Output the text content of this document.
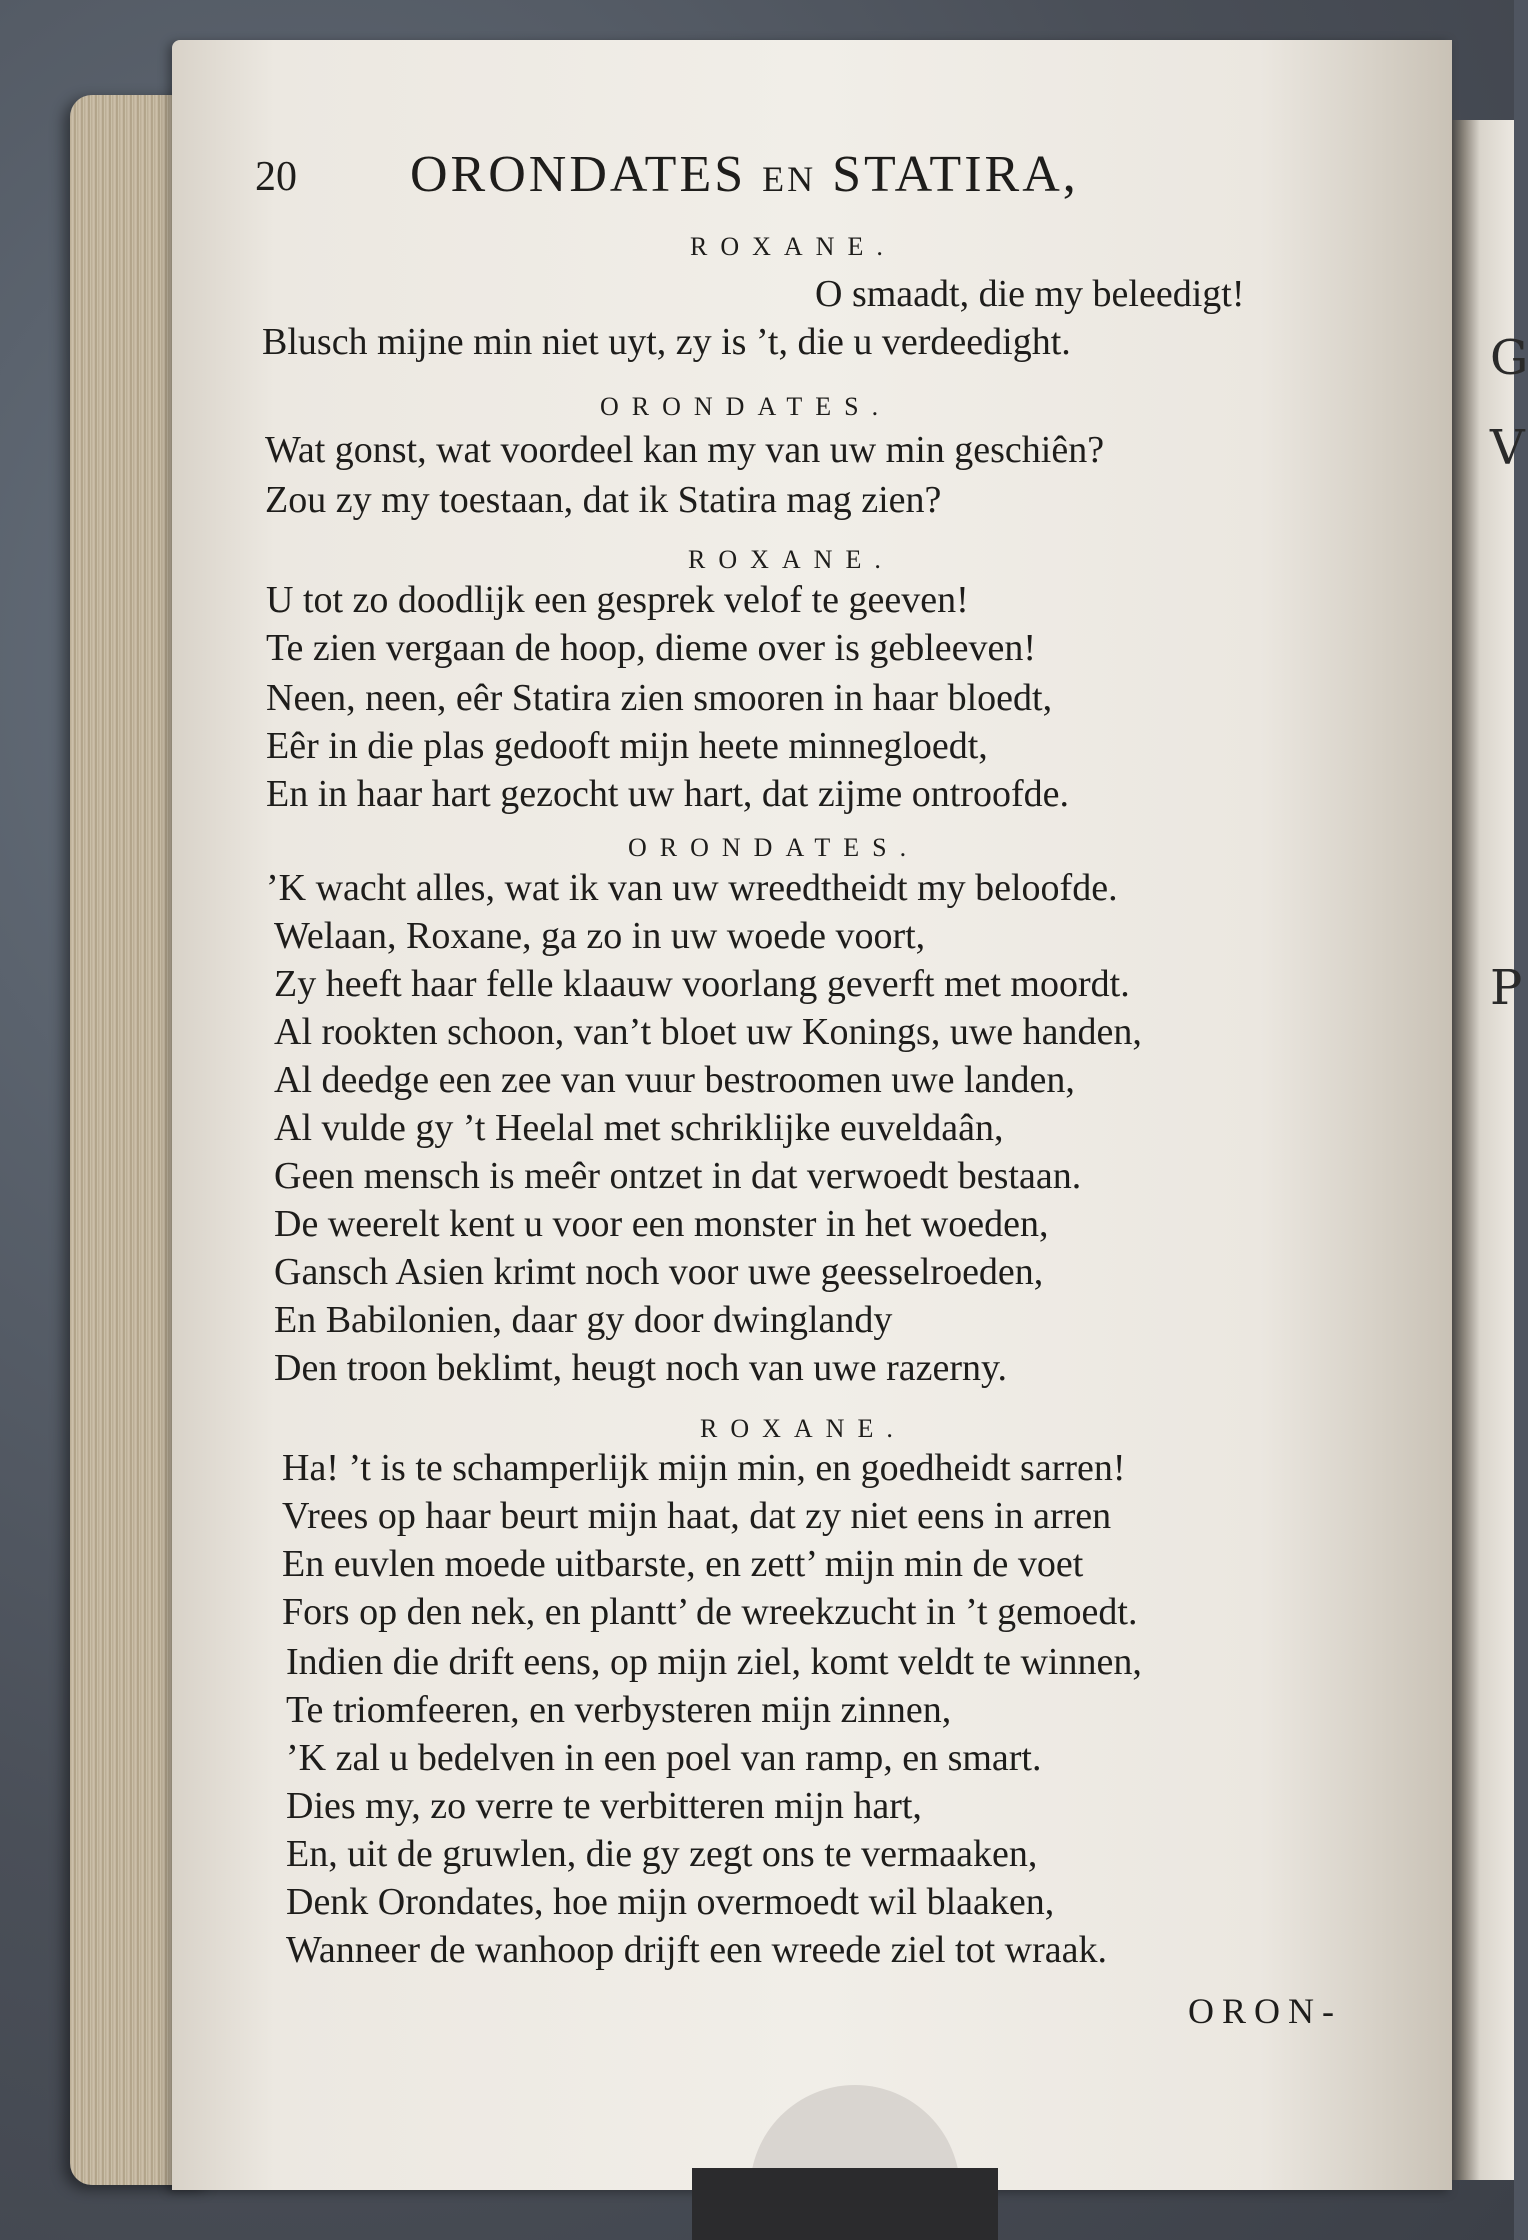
G
V
P
20 ORONDATES en STATIRA,
ROXANE.
O smaadt, die my beleedigt!
Blusch mijne min niet uyt, zy is ’t, die u verdeedight.
ORONDATES.
Wat gonst, wat voordeel kan my van uw min geschiên?
Zou zy my toestaan, dat ik Statira mag zien?
ROXANE.
U tot zo doodlijk een gesprek velof te geeven!
Te zien vergaan de hoop, dieme over is gebleeven!
Neen, neen, eêr Statira zien smooren in haar bloedt,
Eêr in die plas gedooft mijn heete minnegloedt,
En in haar hart gezocht uw hart, dat zijme ontroofde.
ORONDATES.
’K wacht alles, wat ik van uw wreedtheidt my beloofde.
Welaan, Roxane, ga zo in uw woede voort,
Zy heeft haar felle klaauw voorlang geverft met moordt.
Al rookten schoon, van’t bloet uw Konings, uwe handen,
Al deedge een zee van vuur bestroomen uwe landen,
Al vulde gy ’t Heelal met schriklijke euveldaân,
Geen mensch is meêr ontzet in dat verwoedt bestaan.
De weerelt kent u voor een monster in het woeden,
Gansch Asien krimt noch voor uwe geesselroeden,
En Babilonien, daar gy door dwinglandy
Den troon beklimt, heugt noch van uwe razerny.
ROXANE.
Ha! ’t is te schamperlijk mijn min, en goedheidt sarren!
Vrees op haar beurt mijn haat, dat zy niet eens in arren
En euvlen moede uitbarste, en zett’ mijn min de voet
Fors op den nek, en plantt’ de wreekzucht in ’t gemoedt.
Indien die drift eens, op mijn ziel, komt veldt te winnen,
Te triomfeeren, en verbysteren mijn zinnen,
’K zal u bedelven in een poel van ramp, en smart.
Dies my, zo verre te verbitteren mijn hart,
En, uit de gruwlen, die gy zegt ons te vermaaken,
Denk Orondates, hoe mijn overmoedt wil blaaken,
Wanneer de wanhoop drijft een wreede ziel tot wraak.
ORON-
